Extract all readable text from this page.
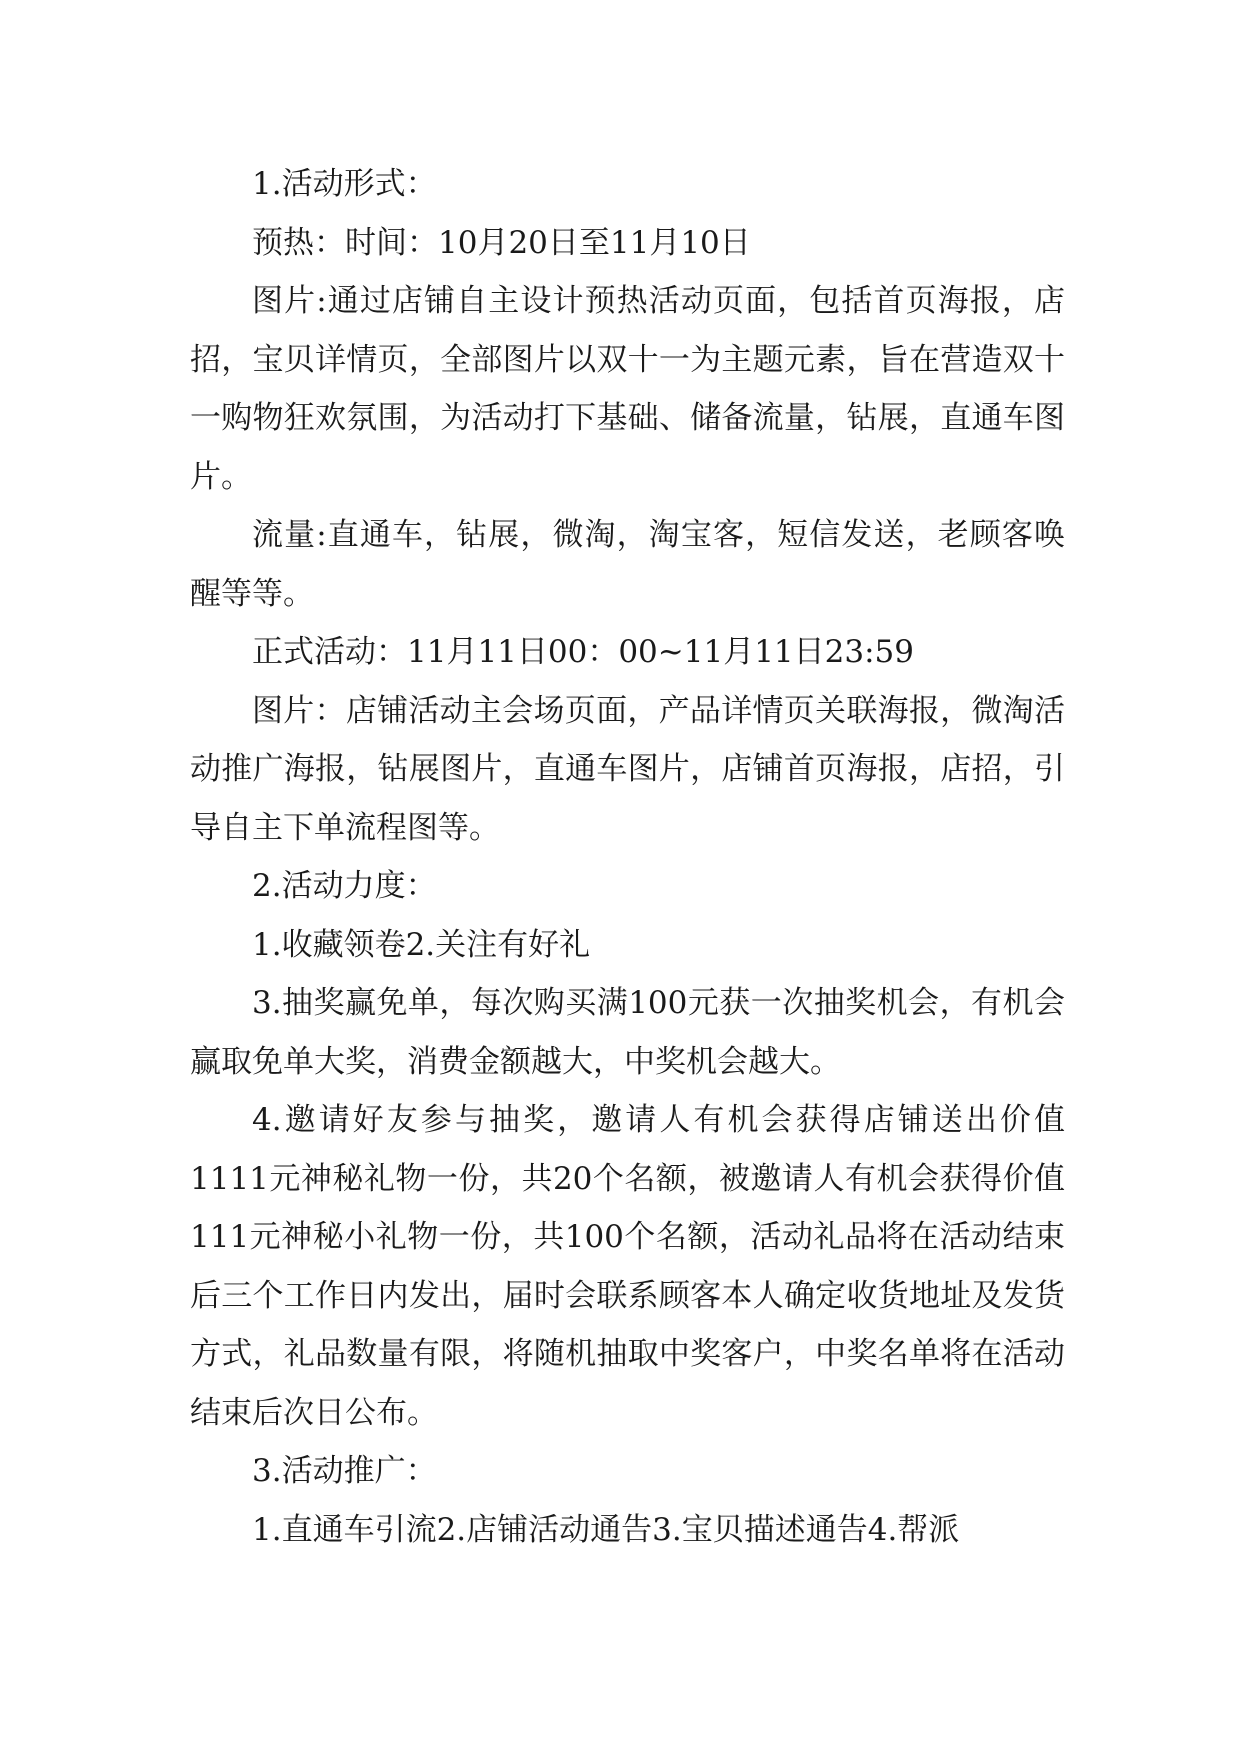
1.活动形式：

预热：时间：10月20日至11月10日

图片:通过店铺自主设计预热活动页面，包括首页海报，店招，宝贝详情页，全部图片以双十一为主题元素，旨在营造双十一购物狂欢氛围，为活动打下基础、储备流量，钻展，直通车图片。

流量:直通车，钻展，微淘，淘宝客，短信发送，老顾客唤醒等等。

正式活动：11月11日00：00~11月11日23:59

图片：店铺活动主会场页面，产品详情页关联海报，微淘活动推广海报，钻展图片，直通车图片，店铺首页海报，店招，引导自主下单流程图等。

2.活动力度：

1.收藏领卷2.关注有好礼

3.抽奖赢免单，每次购买满100元获一次抽奖机会，有机会赢取免单大奖，消费金额越大，中奖机会越大。

4.邀请好友参与抽奖，邀请人有机会获得店铺送出价值1111元神秘礼物一份，共20个名额，被邀请人有机会获得价值111元神秘小礼物一份，共100个名额，活动礼品将在活动结束后三个工作日内发出，届时会联系顾客本人确定收货地址及发货方式，礼品数量有限，将随机抽取中奖客户，中奖名单将在活动结束后次日公布。

3.活动推广：

1.直通车引流2.店铺活动通告3.宝贝描述通告4.帮派
